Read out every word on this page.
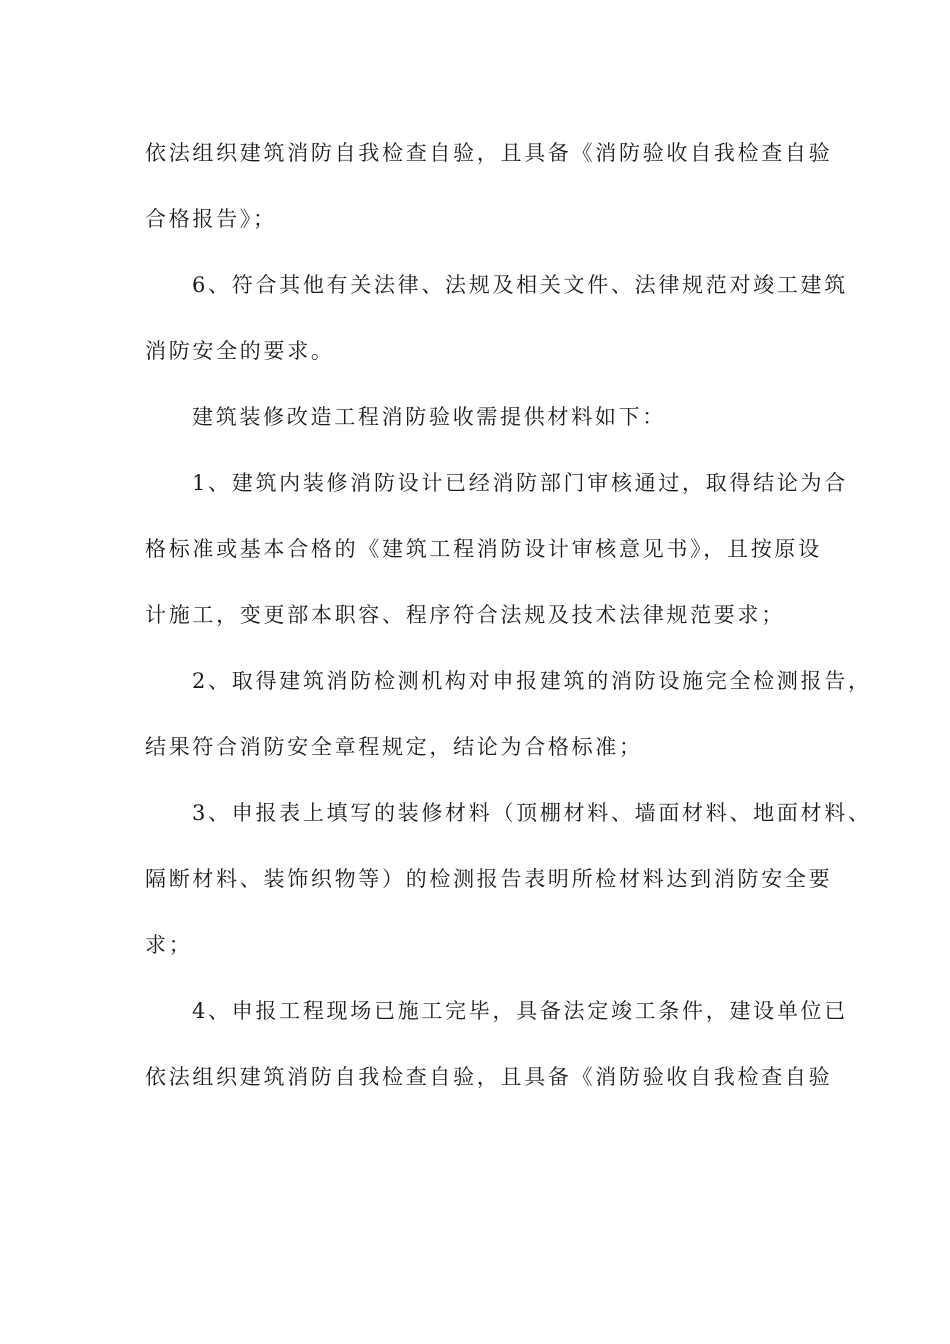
依法组织建筑消防自我检查自验，且具备《消防验收自我检查自验
合格报告》；
6、符合其他有关法律、法规及相关文件、法律规范对竣工建筑
消防安全的要求。
建筑装修改造工程消防验收需提供材料如下：
1、建筑内装修消防设计已经消防部门审核通过，取得结论为合
格标准或基本合格的《建筑工程消防设计审核意见书》，且按原设
计施工，变更部本职容、程序符合法规及技术法律规范要求；
2、取得建筑消防检测机构对申报建筑的消防设施完全检测报告，
结果符合消防安全章程规定，结论为合格标准；
3、申报表上填写的装修材料（顶棚材料、墙面材料、地面材料、
隔断材料、装饰织物等）的检测报告表明所检材料达到消防安全要
求；
4、申报工程现场已施工完毕，具备法定竣工条件，建设单位已
依法组织建筑消防自我检查自验，且具备《消防验收自我检查自验
